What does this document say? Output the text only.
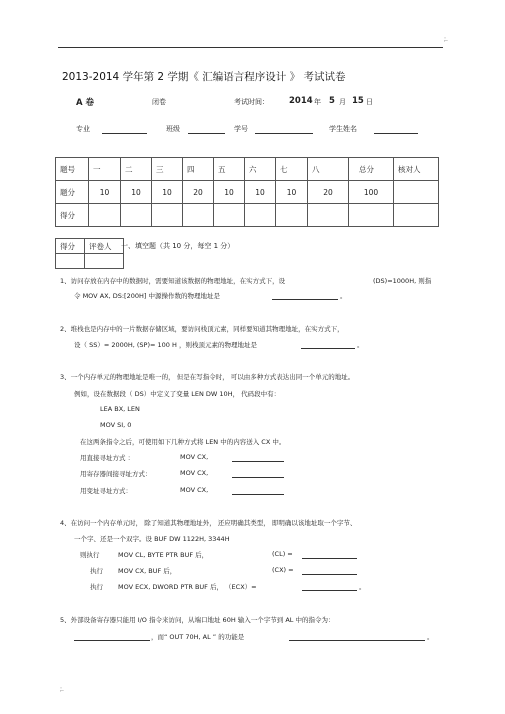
;.
;.
2013-2014 学年第 2 学期《 汇编语言程序设计 》 考试试卷
A 卷	闭卷	考试时间： 2014 年 5 月 15 日
专业	班级	学号	学生姓名
题号	一	二	三	四	五	六	七	八	总分	核对人
题分	10	10	10	20	10	10	10	20	100	
得分										
得分	评卷人
	一、填空题（共 10 分，每空 1 分）
1、访问存放在内存中的数据时，需要知道该数据的物理地址，在实方式下，设	(DS)=1000H, 则指
令 MOV AX, DS:[200H] 中源操作数的物理地址是	。
2、堆栈也是内存中的一片数据存储区域，要访问栈顶元素，同样要知道其物理地址，在实方式下，
设（ SS）= 2000H, (SP)= 100 H ，则栈顶元素的物理地址是	。
3、一个内存单元的物理地址是唯一的， 但是在写指令时， 可以由多种方式表达出同一个单元的地址。
例如，设在数据段（ DS）中定义了变量 LEN DW 10H， 代码段中有：
LEA BX, LEN
MOV SI, 0
在这两条指令之后，可使用如下几种方式将 LEN 中的内容送入 CX 中。
用直接寻址方式 ：	MOV CX,
用寄存器间接寻址方式：	MOV CX,
用变址寻址方式：	MOV CX,
4、在访问一个内存单元时， 除了知道其物理地址外， 还应明确其类型， 即明确以该地址取一个字节、
一个字、还是一个双字。设 BUF DW 1122H, 3344H
则执行	MOV CL, BYTE PTR BUF 后，	(CL) =
执行 MOV CX, BUF 后，	(CX) =
执行 MOV ECX, DWORD PTR BUF 后， （ECX）=	。
5、外部设备寄存器只能用 I/O 指令来访问，从端口地址 60H 输入一个字节到 AL 中的指令为：
，而“ OUT 70H, AL ” 的功能是	。
